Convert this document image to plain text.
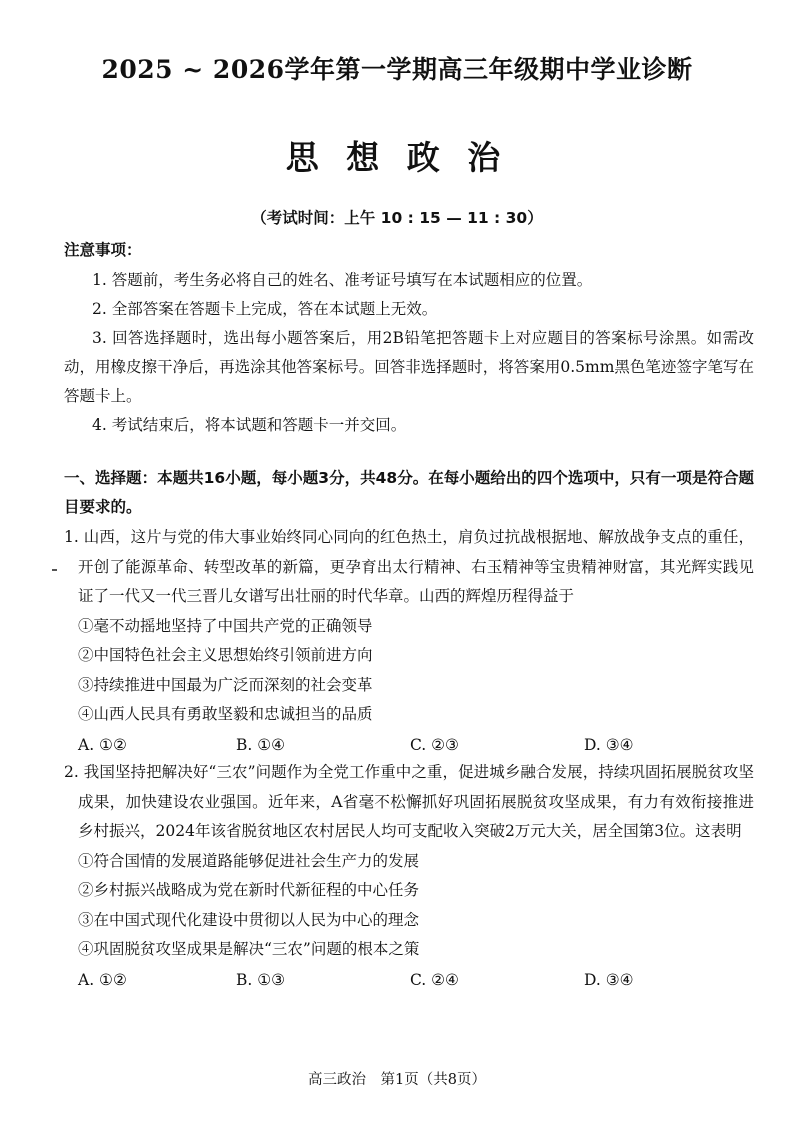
2025 ~ 2026学年第一学期高三年级期中学业诊断
思 想 政 治
（考试时间：上午 10 : 15 — 11 : 30）
注意事项：

1. 答题前，考生务必将自己的姓名、准考证号填写在本试题相应的位置。

2. 全部答案在答题卡上完成，答在本试题上无效。

3. 回答选择题时，选出每小题答案后，用2B铅笔把答题卡上对应题目的答案标号涂黑。如需改动，用橡皮擦干净后，再选涂其他答案标号。回答非选择题时，将答案用0.5mm黑色笔迹签字笔写在答题卡上。

4. 考试结束后，将本试题和答题卡一并交回。

一、选择题：本题共16小题，每小题3分，共48分。在每小题给出的四个选项中，只有一项是符合题目要求的。

1. 山西，这片与党的伟大事业始终同心同向的红色热土，肩负过抗战根据地、解放战争支点的重任，开创了能源革命、转型改革的新篇，更孕育出太行精神、右玉精神等宝贵精神财富，其光辉实践见证了一代又一代三晋儿女谱写出壮丽的时代华章。山西的辉煌历程得益于

①毫不动摇地坚持了中国共产党的正确领导

②中国特色社会主义思想始终引领前进方向

③持续推进中国最为广泛而深刻的社会变革

④山西人民具有勇敢坚毅和忠诚担当的品质

A. ①②	B. ①④	C. ②③	D. ③④

2. 我国坚持把解决好“三农”问题作为全党工作重中之重，促进城乡融合发展，持续巩固拓展脱贫攻坚成果，加快建设农业强国。近年来，A省毫不松懈抓好巩固拓展脱贫攻坚成果，有力有效衔接推进乡村振兴，2024年该省脱贫地区农村居民人均可支配收入突破2万元大关，居全国第3位。这表明

①符合国情的发展道路能够促进社会生产力的发展

②乡村振兴战略成为党在新时代新征程的中心任务

③在中国式现代化建设中贯彻以人民为中心的理念

④巩固脱贫攻坚成果是解决“三农”问题的根本之策

A. ①②	B. ①③	C. ②④	D. ③④
高三政治　第1页（共8页）
